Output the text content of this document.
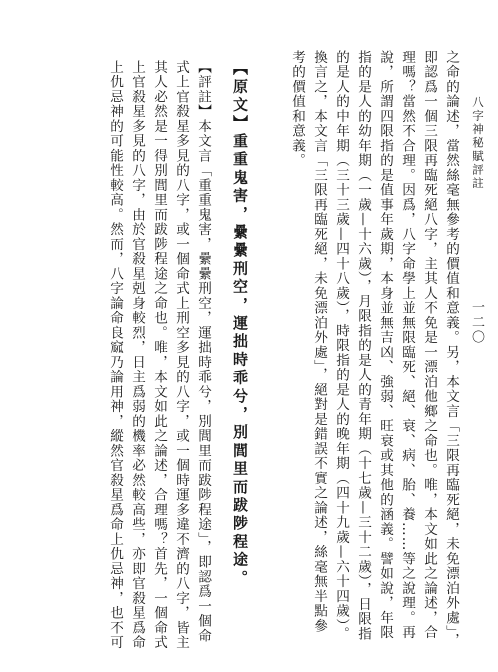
八字神秘賦評註
一二〇
之命的論述，當然絲毫無參考的價值和意義。另，本文言「三限再臨死絕，未免漂泊外處」，
即認爲一個三限再臨死絕八字，主其人不免是一漂泊他鄉之命也。唯，本文如此之論述，合
理嗎？當然不合理。因爲，八字命學上並無限臨死、絕、衰、病、胎、養……等之說理。再
說，所謂四限指的是值事年歲期，本身並無吉凶、強弱、旺衰或其他的涵義。譬如說，年限
指的是人的幼年期（一歲—十六歲），月限指的是人的青年期（十七歲—三十二歲），日限指
的是人的中年期（三十三歲—四十八歲），時限指的是人的晚年期（四十九歲—六十四歲）。
換言之，本文言「三限再臨死絕，未免漂泊外處」，絕對是錯誤不實之論述，絲毫無半點參
考的價值和意義。
【原文】重重鬼害，纍纍刑空，運拙時乖兮，別閭里而跋陟程途。
【評註】本文言「重重鬼害，纍纍刑空，運拙時乖兮，別閭里而跋陟程途」，即認爲一個命
式上官殺星多見的八字，或一個命式上刑空多見的八字，或一個時運多違不濟的八字，皆主
其人必然是一得別閭里而跋陟程途之命也。唯，本文如此之論述，合理嗎？首先，一個命式
上官殺星多見的八字，由於官殺星剋身較烈，日主爲弱的機率必然較高些，亦即官殺星爲命
上仇忌神的可能性較高。然而，八字論命良窳乃論用神，縱然官殺星爲命上仇忌神，也不可
